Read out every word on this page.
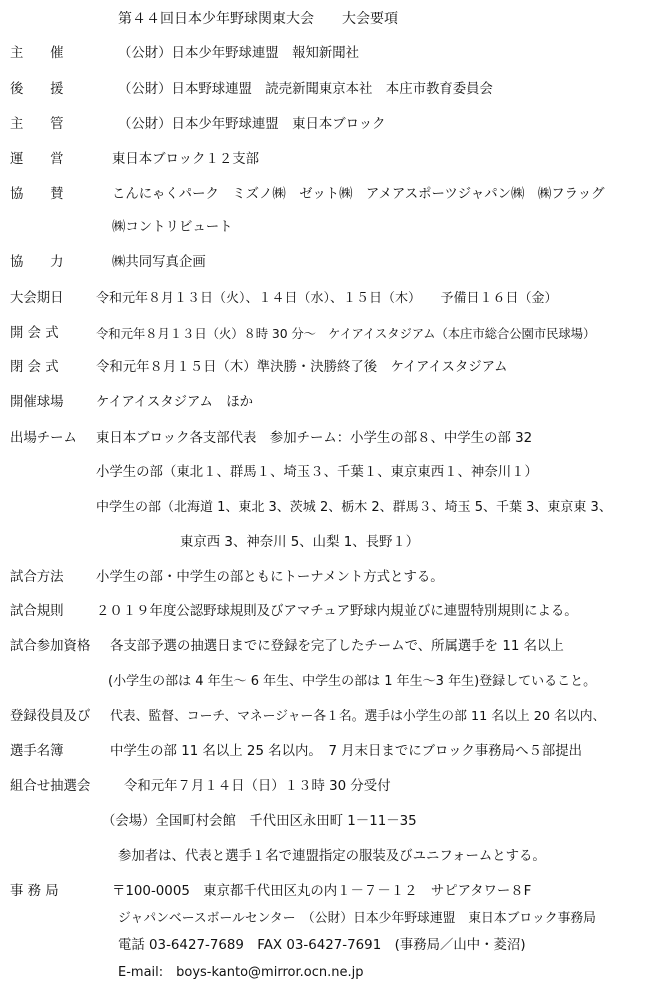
第４４回日本少年野球関東大会　　大会要項
主　　催	（公財）日本少年野球連盟　報知新聞社
後　　援	（公財）日本野球連盟　読売新聞東京本社　本庄市教育委員会
主　　管	（公財）日本少年野球連盟　東日本ブロック
運　　営	東日本ブロック１２支部
協　　賛	こんにゃくパーク　ミズノ㈱　ゼット㈱　アメアスポーツジャパン㈱　㈱フラッグ
㈱コントリビュート
協　　力	㈱共同写真企画
大会期日 令和元年８月１３日（火）、１４日（水）、１５日（木）　　予備日１６日（金）
開 会 式	令和元年８月１３日（火）８時 30 分～　ケイアイスタジアム（本庄市総合公園市民球場）
閉 会 式	令和元年８月１５日（木）準決勝・決勝終了後　ケイアイスタジアム
開催球場 ケイアイスタジアム　ほか
出場チーム 東日本ブロック各支部代表　参加チーム：小学生の部８、中学生の部 32
小学生の部（東北１、群馬１、埼玉３、千葉１、東京東西１、神奈川１）
中学生の部（北海道 1、東北 3、茨城 2、栃木 2、群馬３、埼玉 5、千葉 3、東京東 3、
東京西 3、神奈川 5、山梨 1、長野１）
試合方法 小学生の部・中学生の部ともにトーナメント方式とする。
試合規則 ２０１９年度公認野球規則及びアマチュア野球内規並びに連盟特別規則による。
試合参加資格 各支部予選の抽選日までに登録を完了したチームで、所属選手を 11 名以上
(小学生の部は 4 年生～ 6 年生、中学生の部は 1 年生～3 年生)登録していること。
登録役員及び 代表、監督、コーチ、マネージャー各１名。選手は小学生の部 11 名以上 20 名以内、
選手名簿	中学生の部 11 名以上 25 名以内。　7 月末日までにブロック事務局へ５部提出
組合せ抽選会	令和元年７月１４日（日）１３時 30 分受付
（会場）全国町村会館　千代田区永田町 1－11－35
参加者は、代表と選手１名で連盟指定の服装及びユニフォームとする。
事 務 局	〒100-0005　東京都千代田区丸の内１－７－１２　サピアタワー８F
ジャパンベースボールセンター　（公財）日本少年野球連盟　東日本ブロック事務局
電話 03-6427-7689　FAX 03-6427-7691　(事務局／山中・菱沼)
E-mail:　boys-kanto@mirror.ocn.ne.jp
